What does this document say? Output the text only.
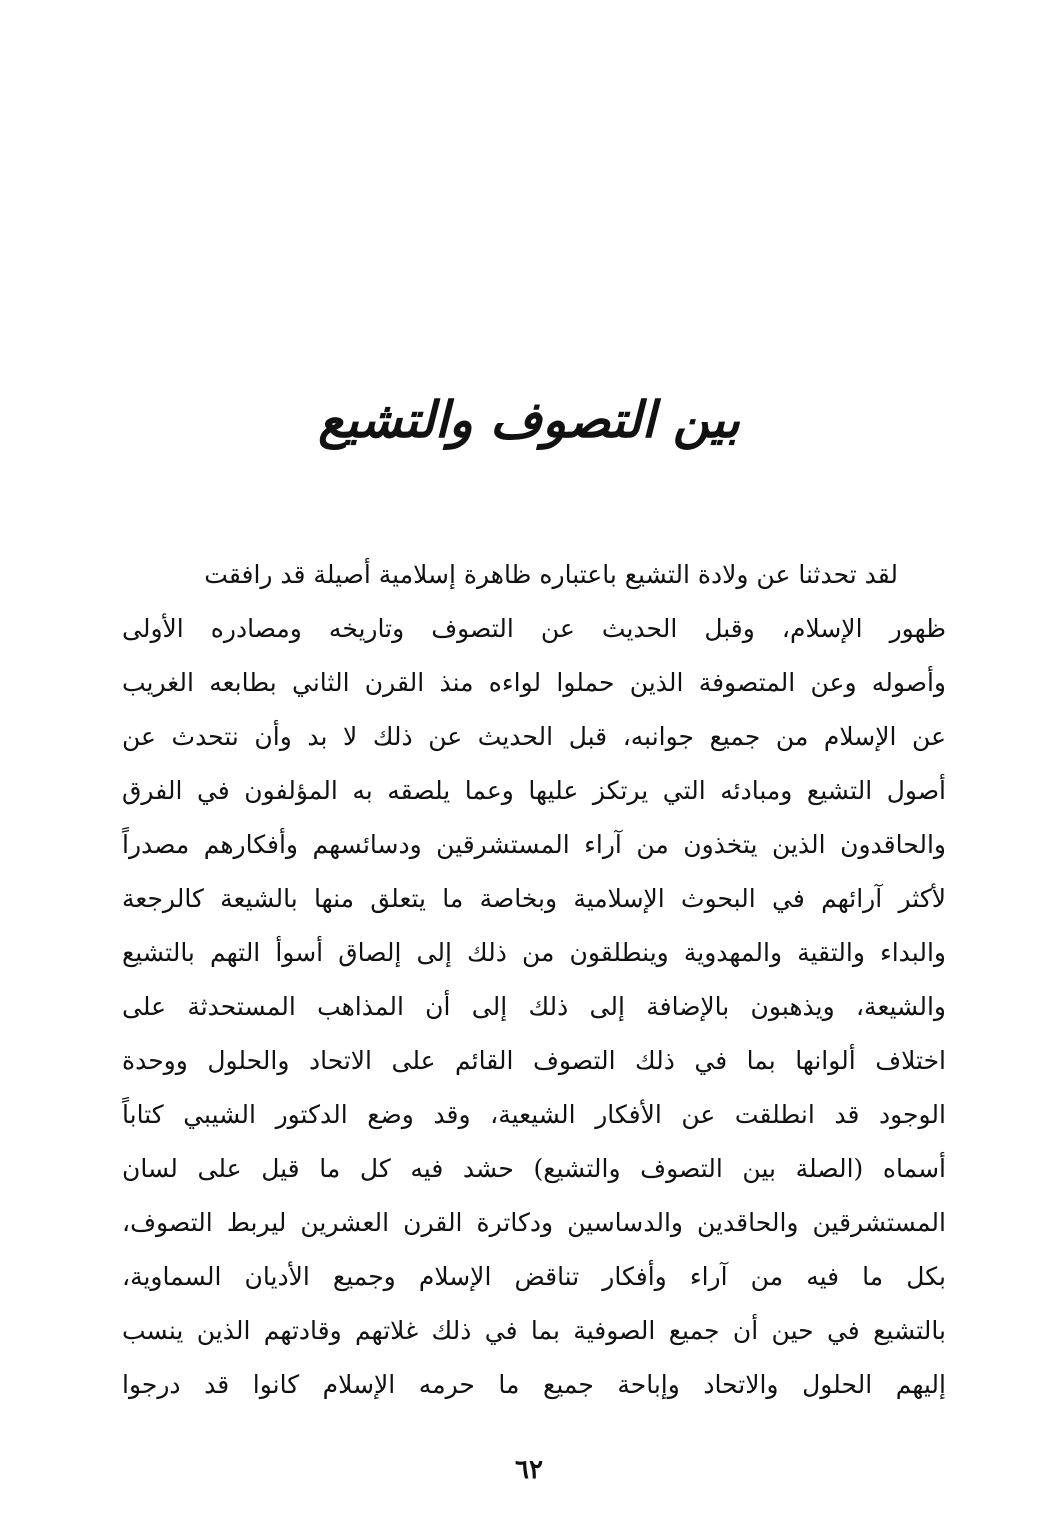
بين التصوف والتشيع
لقد تحدثنا عن ولادة التشيع باعتباره ظاهرة إسلامية أصيلة قد رافقت
ظهور الإسلام، وقبل الحديث عن التصوف وتاريخه ومصادره الأولى
وأصوله وعن المتصوفة الذين حملوا لواءه منذ القرن الثاني بطابعه الغريب
عن الإسلام من جميع جوانبه، قبل الحديث عن ذلك لا بد وأن نتحدث عن
أصول التشيع ومبادئه التي يرتكز عليها وعما يلصقه به المؤلفون في الفرق
والحاقدون الذين يتخذون من آراء المستشرقين ودسائسهم وأفكارهم مصدراً
لأكثر آرائهم في البحوث الإسلامية وبخاصة ما يتعلق منها بالشيعة كالرجعة
والبداء والتقية والمهدوية وينطلقون من ذلك إلى إلصاق أسوأ التهم بالتشيع
والشيعة، ويذهبون بالإضافة إلى ذلك إلى أن المذاهب المستحدثة على
اختلاف ألوانها بما في ذلك التصوف القائم على الاتحاد والحلول ووحدة
الوجود قد انطلقت عن الأفكار الشيعية، وقد وضع الدكتور الشيبي كتاباً
أسماه (الصلة بين التصوف والتشيع) حشد فيه كل ما قيل على لسان
المستشرقين والحاقدين والدساسين ودكاترة القرن العشرين ليربط التصوف،
بكل ما فيه من آراء وأفكار تناقض الإسلام وجميع الأديان السماوية،
بالتشيع في حين أن جميع الصوفية بما في ذلك غلاتهم وقادتهم الذين ينسب
إليهم الحلول والاتحاد وإباحة جميع ما حرمه الإسلام كانوا قد درجوا
٦٢
